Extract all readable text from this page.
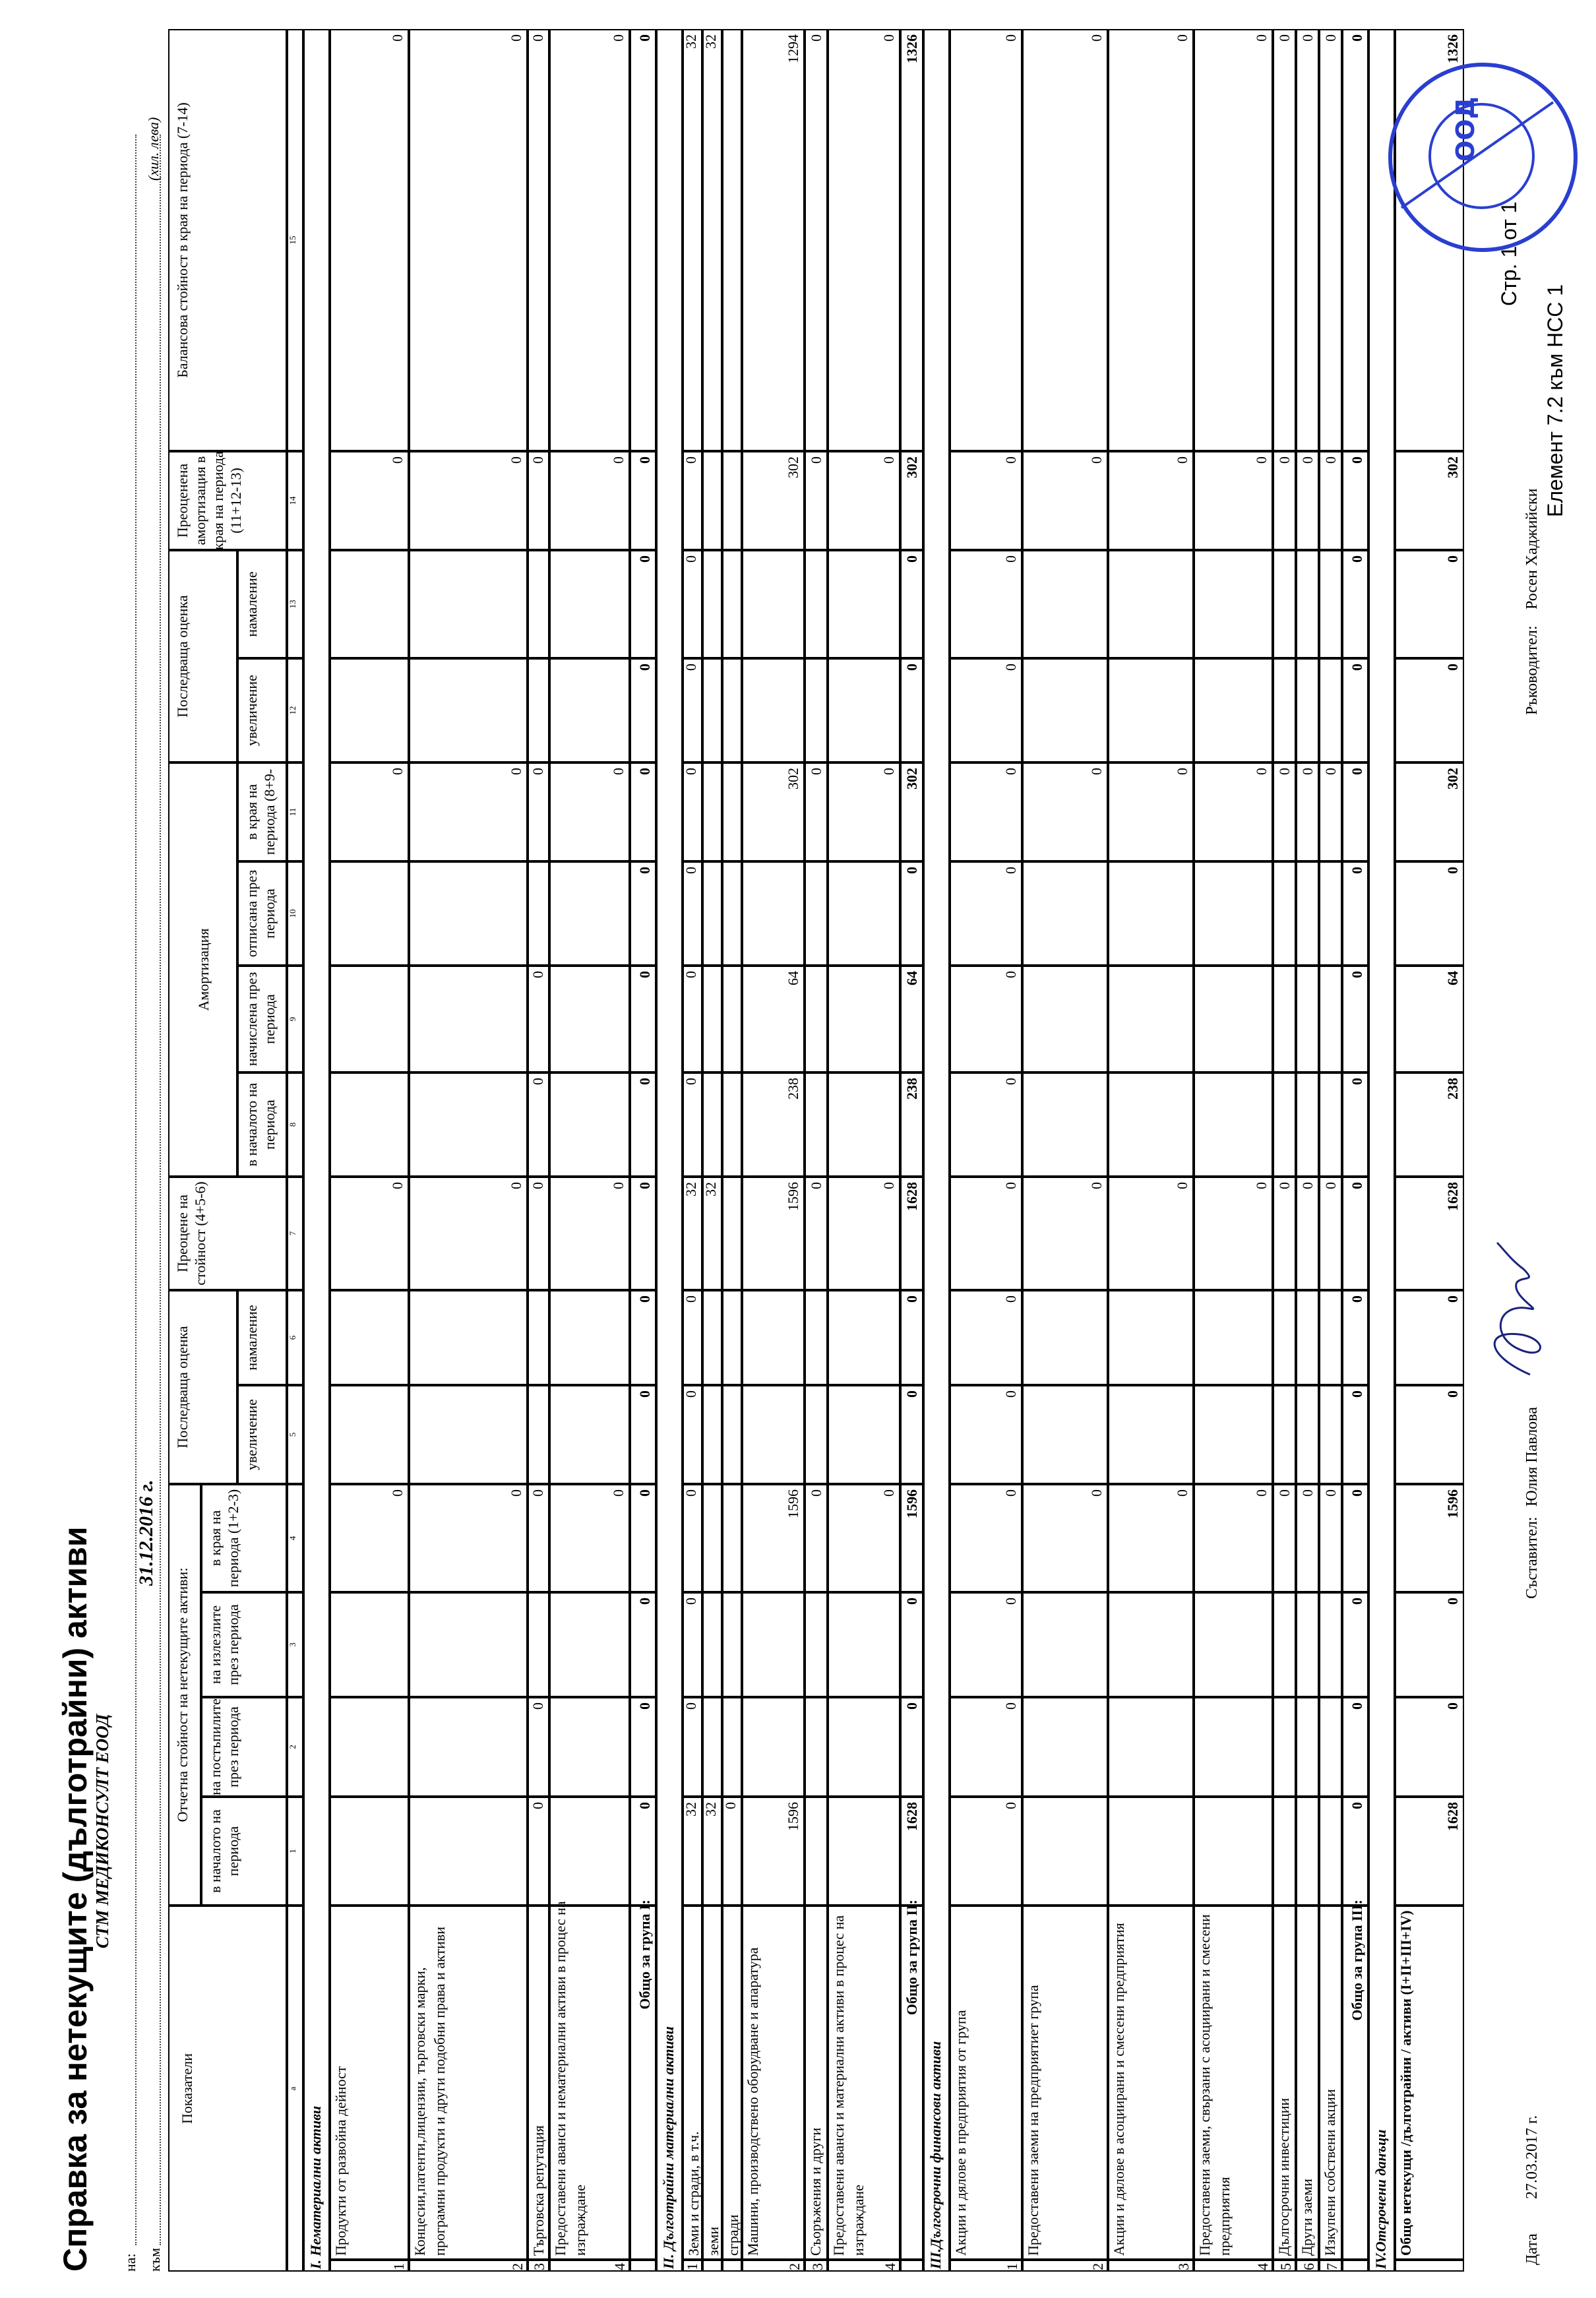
Справка за нетекущите (дълготрайни) активи
СТМ МЕДИКОНСУЛТ ЕООД
на: към
31.12.2016 г.
(хил. лева)
Показатели
Отчетна стойност на нетекущите активи:
Последваща оценка
Преоцене на стойност (4+5-6)
Амортизация
Последваща оценка
Преоценена амортизация в края на периода (11+12-13)
в началото на периода
на постъпилите през периода
на излезлите през периода
в края на периода (1+2-3)
увеличение
намаление
в началото на периода
начислена през периода
отписана през периода
в края на периода (8+9-
увеличение
намаление
Балансова стойност в края на периода (7-14)
а
1
2
3
4
5
6
7
8
9
10
11
12
13
14
15
I. Нематериални активи	1
Продукти от развойна дейност
0
0
0
0
0
2
Концесии,патенти,лицензии, търговски марки, програмни продукти и други подобни права и активи
0
0
0
0
0
3
Търговска репутация
0
0
0
0
0
0
0
0
0
4
Предоставени аванси и нематериални активи в процес на изграждане
0
0
0
0
0
Общо за група I:
0
0
0
0
0
0
0
0
0
0
0
0
0
0
0
II. Дълготрайни материални активи 1
Земи и сгради, в т.ч.
32
0
0
0
0
0
32
0
0
0
0
0
0
0
32
земи
32
32
32
сгради
0
2
Машини, производствено оборудване и апаратура
1596
1596
1596
238
64
302
302
1294
3
Съоръжения и други
0
0
0
0
0
4
Предоставени аванси и материални активи в процес на изграждане
0
0
0
0
0
Общо за група II:
1628
0
0
1596
0
0
1628
238
64
0
302
0
0
302
1326
III.Дългосрочни финансови активи	1
Акции и дялове в предприятия от група
0
0
0
0
0
0
0
0
0
0
0
0
0
0
0
2
Предоставени заеми на предприятиeт група
0
0
0
0
0
3
Акции и дялове в асоциирани и смесени предприятия
0
0
0
0
0
4
Предоставени заеми, свързани с асоциирани и смесени предприятия
0
0
0
0
0
5
Дългосрочни инвестиции
0
0
0
0
0
6
Други заеми
0
0
0
0
0
7
Изкупени собствени акции
0
0
0
0
0
Общо за група III:
0
0
0
0
0
0
0
0
0
0
0
0
0
0
0
IV.Отсрочени данъци Общо нетекущи /дълготрайни / активи (I+II+III+IV)
1628
0
0
1596
0
0
1628
238
64
0
302
0
0
302
1326
Дата
27.03.2017 г.
Съставител:
Юлия Павлова
Ръководител:
Росен Хаджийски
Стр. 1 от 1
Елемент 7.2 към НСС 1
ООД
